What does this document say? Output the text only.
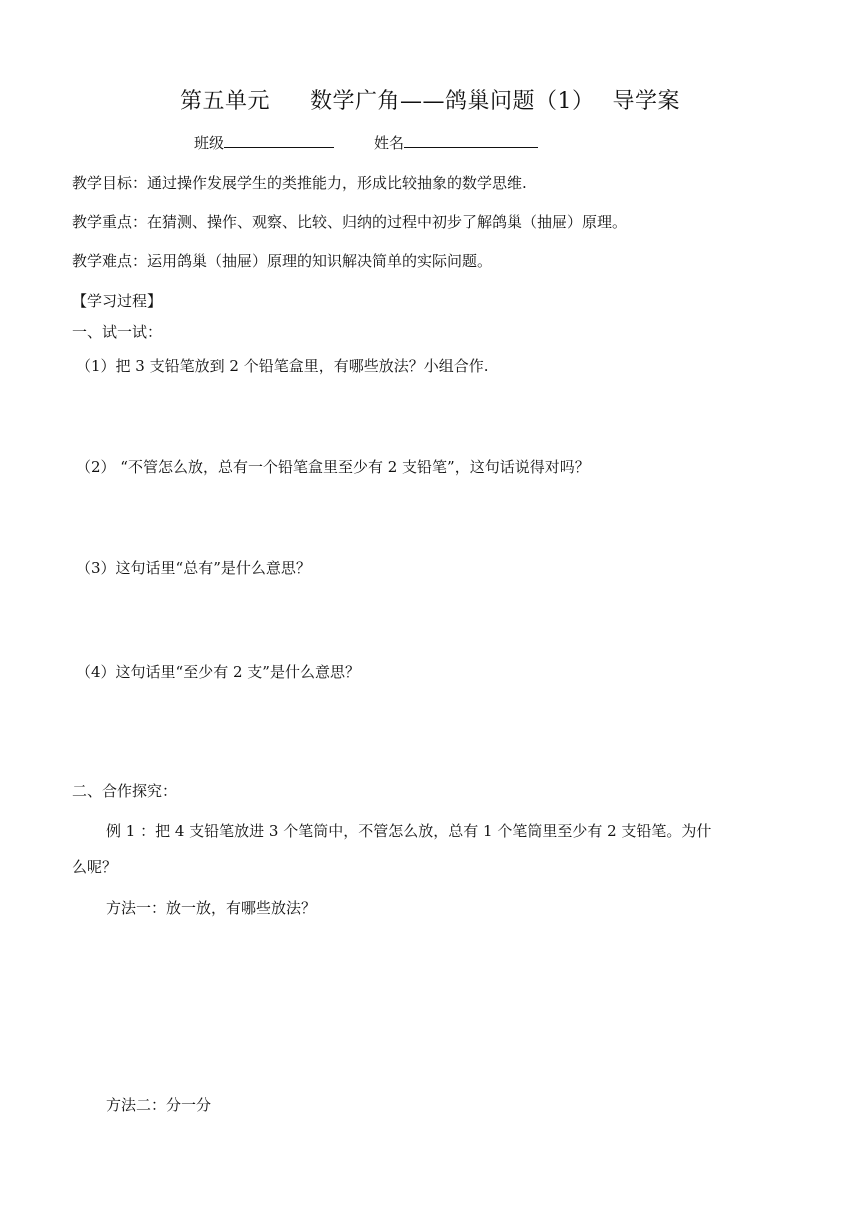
第五单元 数学广角——鸽巢问题（1） 导学案
班级	姓名
教学目标：通过操作发展学生的类推能力，形成比较抽象的数学思维.
教学重点：在猜测、操作、观察、比较、归纳的过程中初步了解鸽巢（抽屉）原理。
教学难点：运用鸽巢（抽屉）原理的知识解决简单的实际问题。
【学习过程】
一、试一试：
（1）把 3 支铅笔放到 2 个铅笔盒里，有哪些放法？小组合作.
（2） “不管怎么放，总有一个铅笔盒里至少有 2 支铅笔”，这句话说得对吗？
（3）这句话里“总有”是什么意思？
（4）这句话里“至少有 2 支”是什么意思？
二、合作探究：
例 1 ：把 4 支铅笔放进 3 个笔筒中，不管怎么放，总有 1 个笔筒里至少有 2 支铅笔。为什
么呢？
方法一：放一放，有哪些放法？
方法二：分一分
